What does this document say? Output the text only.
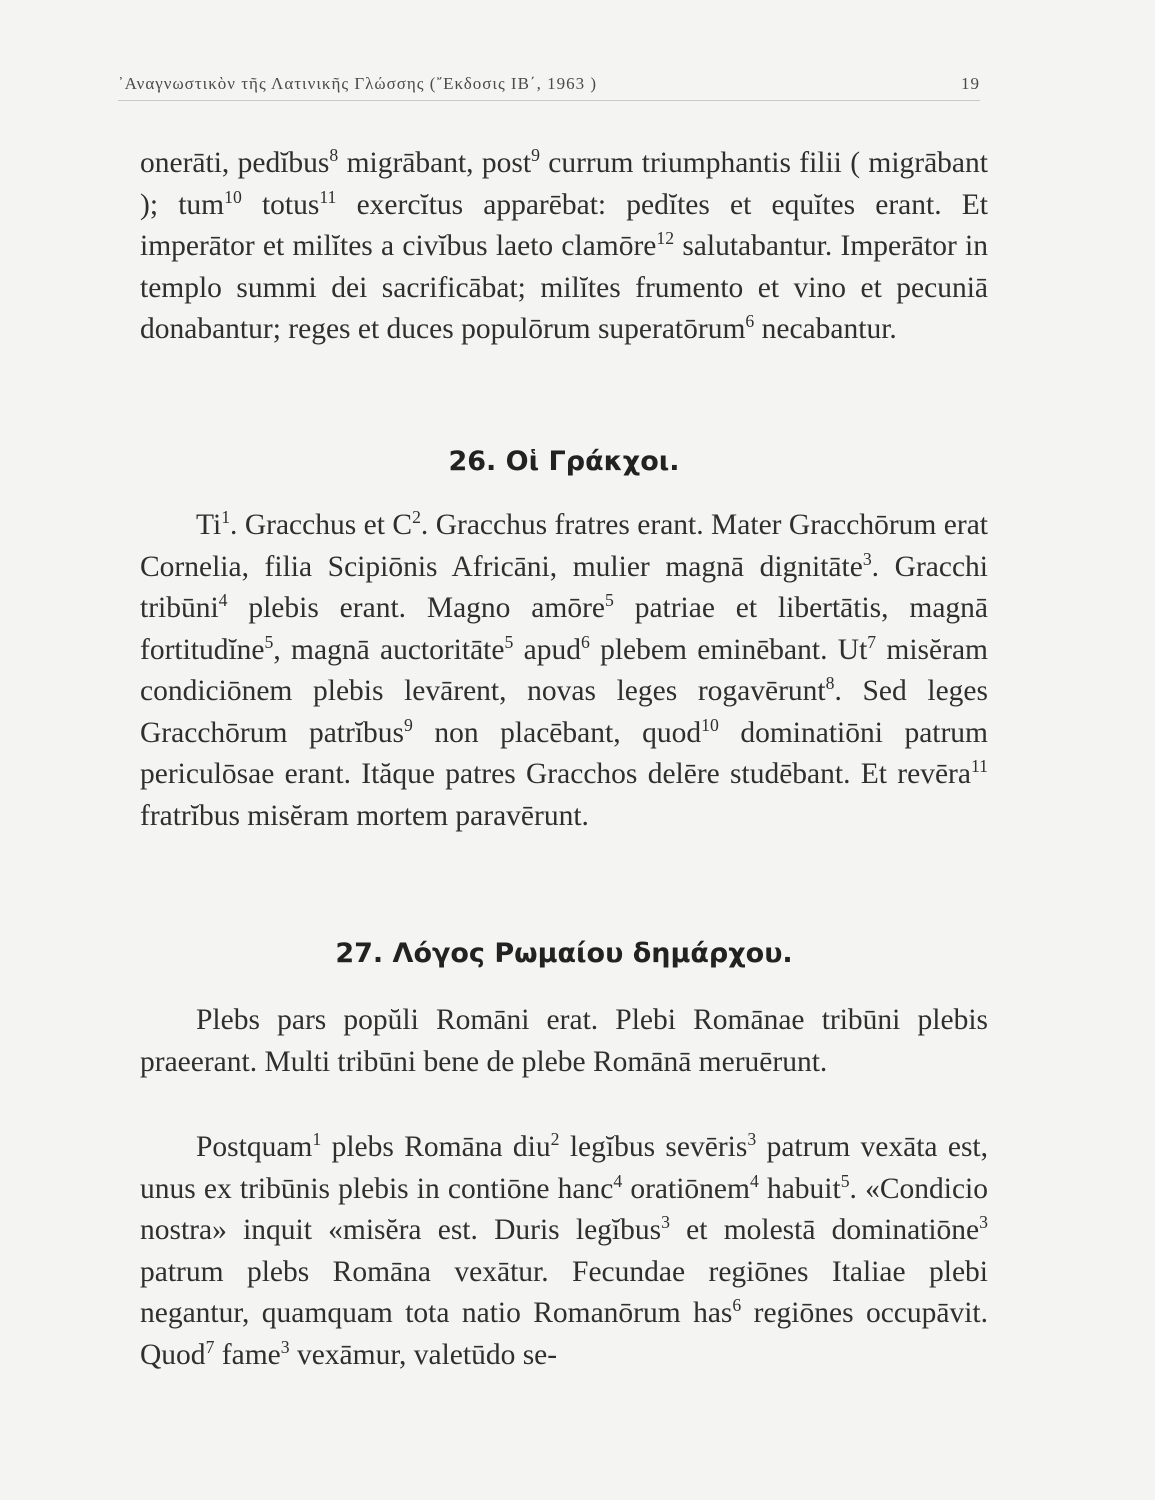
᾿Αναγνωστικὸν τῆς Λατινικῆς Γλώσσης (῎Εκδοσις ΙΒ΄, 1963 )	19

onerāti, pedĭbus$^8$ migrābant, post$^9$ currum triumphantis filii ( migrābant ); tum$^{10}$ totus$^{11}$ exercĭtus apparēbat: pedĭtes et equĭtes erant. Et imperātor et milĭtes a civĭbus laeto clamōre$^{12}$ salutabantur. Imperātor in templo summi dei sacrificābat; milĭtes frumento et vino et pecuniā donabantur; reges et duces populōrum superatōrum$^6$ necabantur.

26. Οἱ Γράκχοι.

Ti$^1$. Gracchus et $C^2$. Gracchus fratres erant. Mater Gracchōrum erat Cornelia, filia Scipiōnis Africāni, mulier magnā dignitāte$^3$. Gracchi tribūni$^4$ plebis erant. Magno amōre$^5$ patriae et libertātis, magnā fortitudĭne$^5$, magnā auctoritāte$^5$ apud$^6$ plebem eminēbant. Ut$^7$ misĕram condiciōnem plebis levārent, novas leges rogavērunt$^8$. Sed leges Gracchōrum patrĭbus$^9$ non placēbant, quod$^{10}$ dominatiōni patrum periculōsae erant. Ităque patres Gracchos delēre studēbant. Et revēra$^{11}$ fratrĭbus misĕram mortem paravērunt.

27. Λόγος Ρωμαίου δημάρχου.

Plebs pars popŭli Romāni erat. Plebi Romānae tribūni plebis praeerant. Multi tribūni bene de plebe Romānā meruērunt.

Postquam$^1$ plebs Romāna diu$^2$ legĭbus sevēris$^3$ patrum vexāta est, unus ex tribūnis plebis in contiōne hanc$^4$ oratiōnem$^4$ habuit$^5$. «Condicio nostra» inquit «misĕra est. Duris legĭbus$^3$ et molestā dominatiōne$^3$ patrum plebs Romāna vexātur. Fecundae regiōnes Italiae plebi negantur, quamquam tota natio Romanōrum has$^6$ regiōnes occupāvit. Quod$^7$ fame$^3$ vexāmur, valetūdo se-
